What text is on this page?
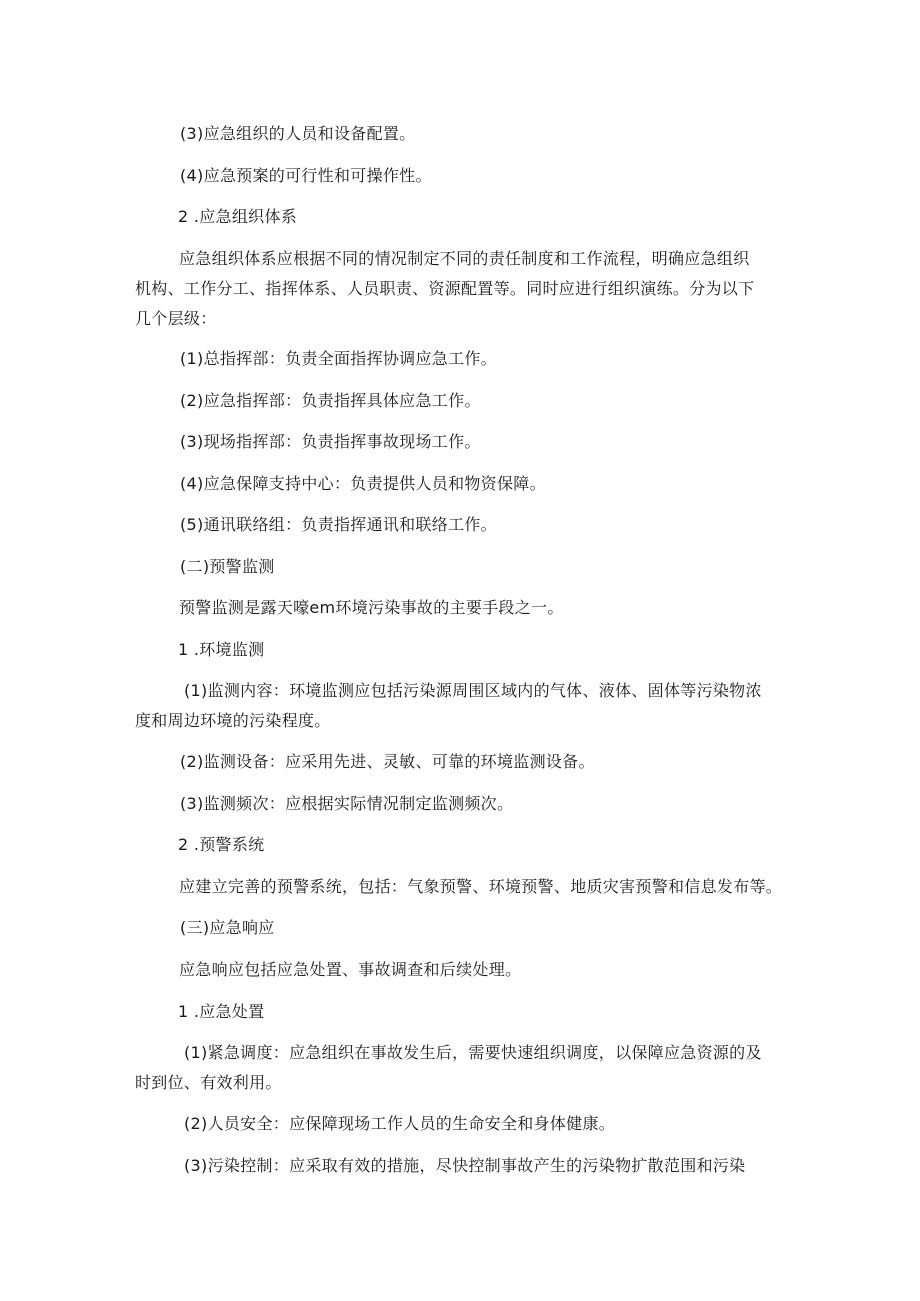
(3)应急组织的人员和设备配置。
(4)应急预案的可行性和可操作性。
2 .应急组织体系
应急组织体系应根据不同的情况制定不同的责任制度和工作流程，明确应急组织
机构、工作分工、指挥体系、人员职责、资源配置等。同时应进行组织演练。分为以下
几个层级：
(1)总指挥部：负责全面指挥协调应急工作。
(2)应急指挥部：负责指挥具体应急工作。
(3)现场指挥部：负责指挥事故现场工作。
(4)应急保障支持中心：负责提供人员和物资保障。
(5)通讯联络组：负责指挥通讯和联络工作。
(二)预警监测
预警监测是露天嚎em环境污染事故的主要手段之一。
1 .环境监测
(1)监测内容：环境监测应包括污染源周围区域内的气体、液体、固体等污染物浓
度和周边环境的污染程度。
(2)监测设备：应采用先进、灵敏、可靠的环境监测设备。
(3)监测频次：应根据实际情况制定监测频次。
2 .预警系统
应建立完善的预警系统，包括：气象预警、环境预警、地质灾害预警和信息发布等。
(三)应急响应
应急响应包括应急处置、事故调查和后续处理。
1 .应急处置
(1)紧急调度：应急组织在事故发生后，需要快速组织调度，以保障应急资源的及
时到位、有效利用。
(2)人员安全：应保障现场工作人员的生命安全和身体健康。
(3)污染控制：应采取有效的措施，尽快控制事故产生的污染物扩散范围和污染
